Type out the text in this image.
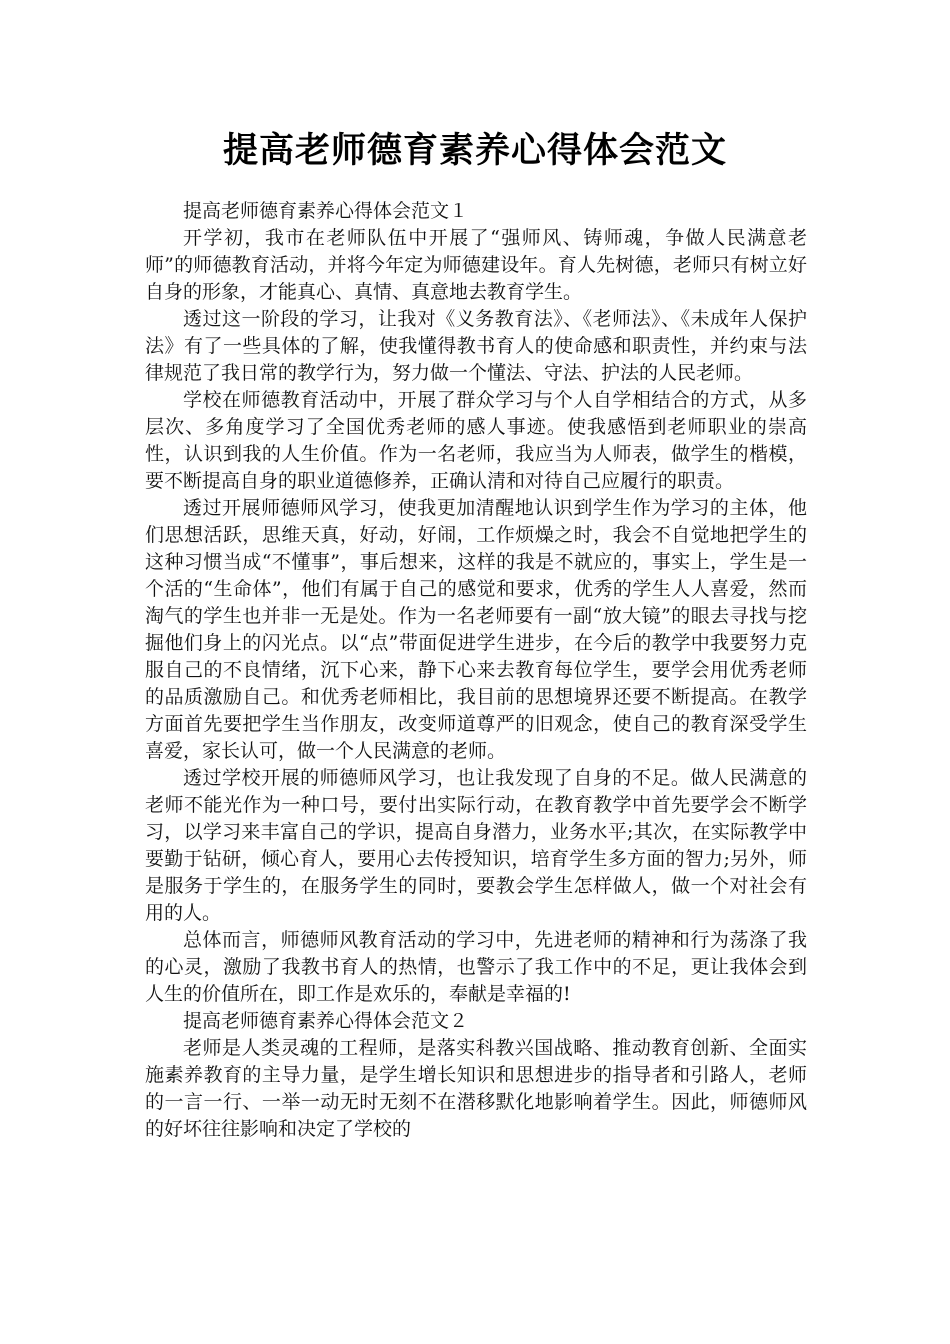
提高老师德育素养心得体会范文

提高老师德育素养心得体会范文１

开学初，我市在老师队伍中开展了“强师风、铸师魂，争做人民满意老师”的师德教育活动，并将今年定为师德建设年。育人先树德，老师只有树立好自身的形象，才能真心、真情、真意地去教育学生。

透过这一阶段的学习，让我对《义务教育法》、《老师法》、《未成年人保护法》有了一些具体的了解，使我懂得教书育人的使命感和职责性，并约束与法律规范了我日常的教学行为，努力做一个懂法、守法、护法的人民老师。

学校在师德教育活动中，开展了群众学习与个人自学相结合的方式，从多层次、多角度学习了全国优秀老师的感人事迹。使我感悟到老师职业的崇高性，认识到我的人生价值。作为一名老师，我应当为人师表，做学生的楷模，要不断提高自身的职业道德修养，正确认清和对待自己应履行的职责。

透过开展师德师风学习，使我更加清醒地认识到学生作为学习的主体，他们思想活跃，思维天真，好动，好闹，工作烦燥之时，我会不自觉地把学生的这种习惯当成“不懂事”，事后想来，这样的我是不就应的，事实上，学生是一个活的“生命体”，他们有属于自己的感觉和要求，优秀的学生人人喜爱，然而淘气的学生也并非一无是处。作为一名老师要有一副“放大镜”的眼去寻找与挖掘他们身上的闪光点。以“点”带面促进学生进步，在今后的教学中我要努力克服自己的不良情绪，沉下心来，静下心来去教育每位学生，要学会用优秀老师的品质激励自己。和优秀老师相比，我目前的思想境界还要不断提高。在教学方面首先要把学生当作朋友，改变师道尊严的旧观念，使自己的教育深受学生喜爱，家长认可，做一个人民满意的老师。

透过学校开展的师德师风学习，也让我发现了自身的不足。做人民满意的老师不能光作为一种口号，要付出实际行动，在教育教学中首先要学会不断学习，以学习来丰富自己的学识，提高自身潜力，业务水平;其次，在实际教学中要勤于钻研，倾心育人，要用心去传授知识，培育学生多方面的智力;另外，师是服务于学生的，在服务学生的同时，要教会学生怎样做人，做一个对社会有用的人。

总体而言，师德师风教育活动的学习中，先进老师的精神和行为荡涤了我的心灵，激励了我教书育人的热情，也警示了我工作中的不足，更让我体会到人生的价值所在，即工作是欢乐的，奉献是幸福的!

提高老师德育素养心得体会范文２

老师是人类灵魂的工程师，是落实科教兴国战略、推动教育创新、全面实施素养教育的主导力量，是学生增长知识和思想进步的指导者和引路人，老师的一言一行、一举一动无时无刻不在潜移默化地影响着学生。因此，师德师风的好坏往往影响和决定了学校的
